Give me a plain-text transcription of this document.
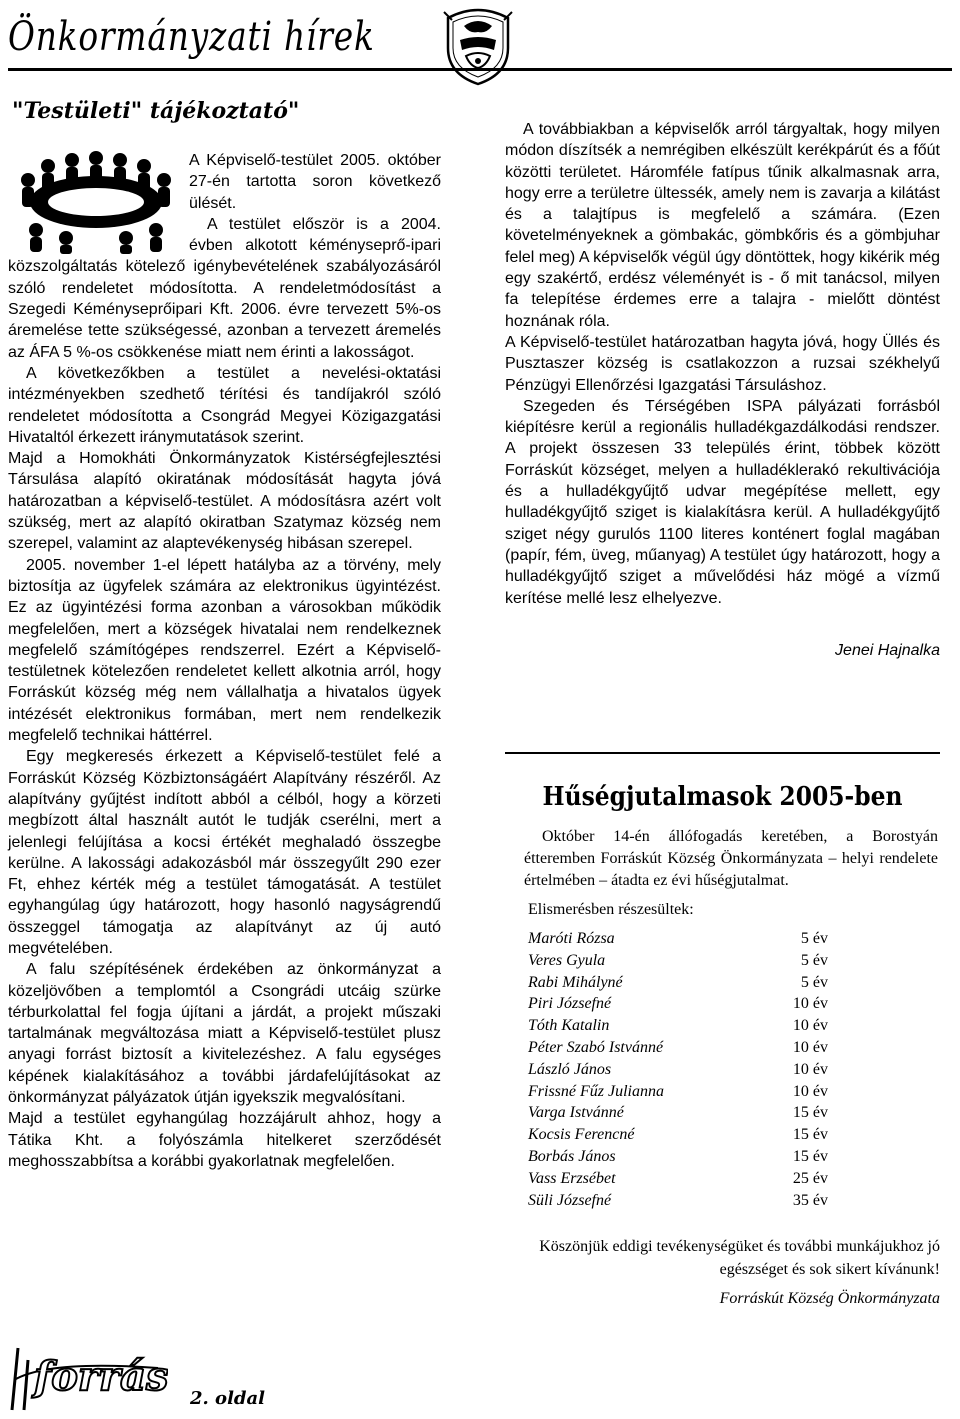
Önkormányzati hírek
"Testületi" tájékoztató"

A Képviselő-testület 2005. október 27-én tartotta soron következő ülését.

A testület először is a 2004. évben alkotott kéményseprő-ipari közszolgáltatás kötelező igénybevételének szabályozásáról szóló rendeletet módosította. A rendeletmódosítást a Szegedi Kéményseprőipari Kft. 2006. évre tervezett 5%-os áremelése tette szükségessé, azonban a tervezett áremelés az ÁFA 5 %-os csökkenése miatt nem érinti a lakosságot.

A következőkben a testület a nevelési-oktatási intézményekben szedhető térítési és tandíjakról szóló rendeletet módosította a Csongrád Megyei Közigazgatási Hivataltól érkezett iránymutatások szerint.

Majd a Homokháti Önkormányzatok Kistérségfejlesztési Társulása alapító okiratának módosítását hagyta jóvá határozatban a képviselő-testület. A módosításra azért volt szükség, mert az alapító okiratban Szatymaz község nem szerepel, valamint az alaptevékenység hibásan szerepel.

2005. november 1-el lépett hatályba az a törvény, mely biztosítja az ügyfelek számára az elektronikus ügyintézést. Ez az ügyintézési forma azonban a városokban működik megfelelően, mert a községek hivatalai nem rendelkeznek megfelelő számítógépes rendszerrel. Ezért a Képviselő-testületnek kötelezően rendeletet kellett alkotnia arról, hogy Forráskút község még nem vállalhatja a hivatalos ügyek intézését elektronikus formában, mert nem rendelkezik megfelelő technikai háttérrel.

Egy megkeresés érkezett a Képviselő-testület felé a Forráskút Község Közbiztonságáért Alapítvány részéről. Az alapítvány gyűjtést indított abból a célból, hogy a körzeti megbízott által használt autót le tudják cserélni, mert a jelenlegi felújítása a kocsi értékét meghaladó összegbe kerülne. A lakossági adakozásból már összegyűlt 290 ezer Ft, ehhez kérték még a testület támogatását. A testület egyhangúlag úgy határozott, hogy hasonló nagyságrendű összeggel támogatja az alapítványt az új autó megvételében.

A falu szépítésének érdekében az önkormányzat a közeljövőben a templomtól a Csongrádi utcáig szürke térburkolattal fel fogja újítani a járdát, a projekt műszaki tartalmának megváltozása miatt a Képviselő-testület plusz anyagi forrást biztosít a kivitelezéshez. A falu egységes képének kialakításához a további járdafelújításokat az önkormányzat pályázatok útján igyekszik megvalósítani.

Majd a testület egyhangúlag hozzájárult ahhoz, hogy a Tátika Kht. a folyószámla hitelkeret szerződését meghosszabbítsa a korábbi gyakorlatnak megfelelően.

A továbbiakban a képviselők arról tárgyaltak, hogy milyen módon díszítsék a nemrégiben elkészült kerékpárút és a főút közötti területet. Háromféle fatípus tűnik alkalmasnak arra, hogy erre a területre ültessék, amely nem is zavarja a kilátást és a talajtípus is megfelelő a számára. (Ezen követelményeknek a gömbakác, gömbkőris és a gömbjuhar felel meg) A képviselők végül úgy döntöttek, hogy kikérik még egy szakértő, erdész véleményét is - ő mit tanácsol, milyen fa telepítése érdemes erre a talajra - mielőtt döntést hoznának róla.

A Képviselő-testület határozatban hagyta jóvá, hogy Üllés és Pusztaszer község is csatlakozzon a ruzsai székhelyű Pénzügyi Ellenőrzési Igazgatási Társuláshoz.

Szegeden és Térségében ISPA pályázati forrásból kiépítésre kerül a regionális hulladékgazdálkodási rendszer. A projekt összesen 33 település érint, többek között Forráskút községet, melyen a hulladéklerakó rekultivációja és a hulladékgyűjtő udvar megépítése mellett, egy hulladékgyűjtő sziget is kialakításra kerül. A hulladékgyűjtő sziget négy gurulós 1100 literes konténert foglal magában (papír, fém, üveg, műanyag) A testület úgy határozott, hogy a hulladékgyűjtő sziget a művelődési ház mögé a vízmű kerítése mellé lesz elhelyezve.

Jenei Hajnalka

Hűségjutalmasok 2005-ben
Október 14-én állófogadás keretében, a Borostyán étteremben Forráskút Község Önkormányzata – helyi rendelete értelmében – átadta ez évi hűségjutalmat.
Elismerésben részesültek:
Maróti Rózsa	5 év
Veres Gyula	5 év
Rabi Mihályné	5 év
Piri Józsefné	10 év
Tóth Katalin	10 év
Péter Szabó Istvánné	10 év
László János	10 év
Frissné Fűz Julianna	10 év
Varga Istvánné	15 év
Kocsis Ferencné	15 év
Borbás János	15 év
Vass Erzsébet	25 év
Süli Józsefné	35 év
Köszönjük eddigi tevékenységüket és további munkájukhoz jó egészséget és sok sikert kívánunk!
Forráskút Község Önkormányzata
forrás 2. oldal
